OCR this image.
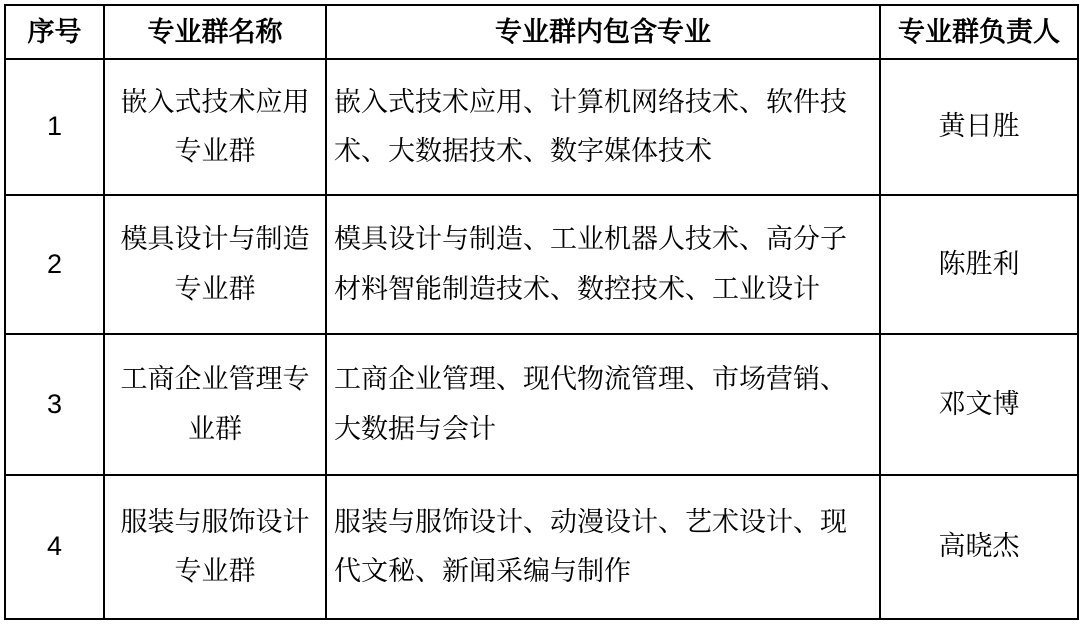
序号	专业群名称	专业群内包含专业	专业群负责人
1	嵌入式技术应用专业群	嵌入式技术应用、计算机网络技术、软件技术、大数据技术、数字媒体技术	黄日胜
2	模具设计与制造专业群	模具设计与制造、工业机器人技术、高分子材料智能制造技术、数控技术、工业设计	陈胜利
3	工商企业管理专业群	工商企业管理、现代物流管理、市场营销、大数据与会计	邓文博
4	服装与服饰设计专业群	服装与服饰设计、动漫设计、艺术设计、现代文秘、新闻采编与制作	高晓杰
